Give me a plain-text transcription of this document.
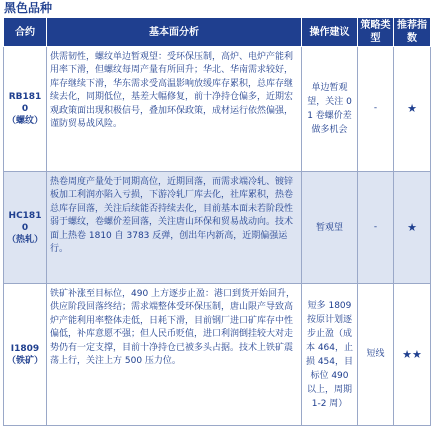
黑色品种
合约	基本面分析	操作建议	策略类型	推荐指数

RB1810
（螺纹）	供需韧性，螺纹单边暂观望：受环保压制，高炉、电炉产能利用率下滑，但螺纹每周产量有所回升；华北、华南需求较好，库存继续下滑，华东需求受高温影响放缓库存累积，总库存继续去化，同期低位，基差大幅修复，前十净持仓偏多，近期宏观政策面出现积极信号，叠加环保政策，成材运行依然偏强，谨防贸易战风险。	单边暂观望，关注 01 卷螺价差做多机会	-	★

HC1810
（热轧）	热卷周度产量处于同期高位，近期回落，而需求端冷轧、镀锌板加工利润亦陷入亏损，下游冷轧厂库去化，社库累积，热卷总库存回落，关注后续能否持续去化，目前基本面未若阶段性弱于螺纹，卷螺价差回落，关注唐山环保和贸易战动向。技术面上热卷 1810 自 3783 反弹，创出年内新高，近期偏强运行。	暂观望	-	★

I1809
（铁矿）	铁矿补涨至目标位，490 上方逐步止盈：港口到货开始回升，供应阶段回落终结；需求端整体受环保压制，唐山限产导致高炉产能利用率整体走低，日耗下滑，目前钢厂进口矿库存中性偏低，补库意愿不强；但人民币贬值，进口利润倒挂较大对走势仍有一定支撑，目前十净持仓已被多头占据。技术上铁矿震荡上行，关注上方 500 压力位。	短多 1809 按原计划逐步止盈（成本 464，止损 454，目标位 490 以上，周期 1-2 周）	短线	★★
